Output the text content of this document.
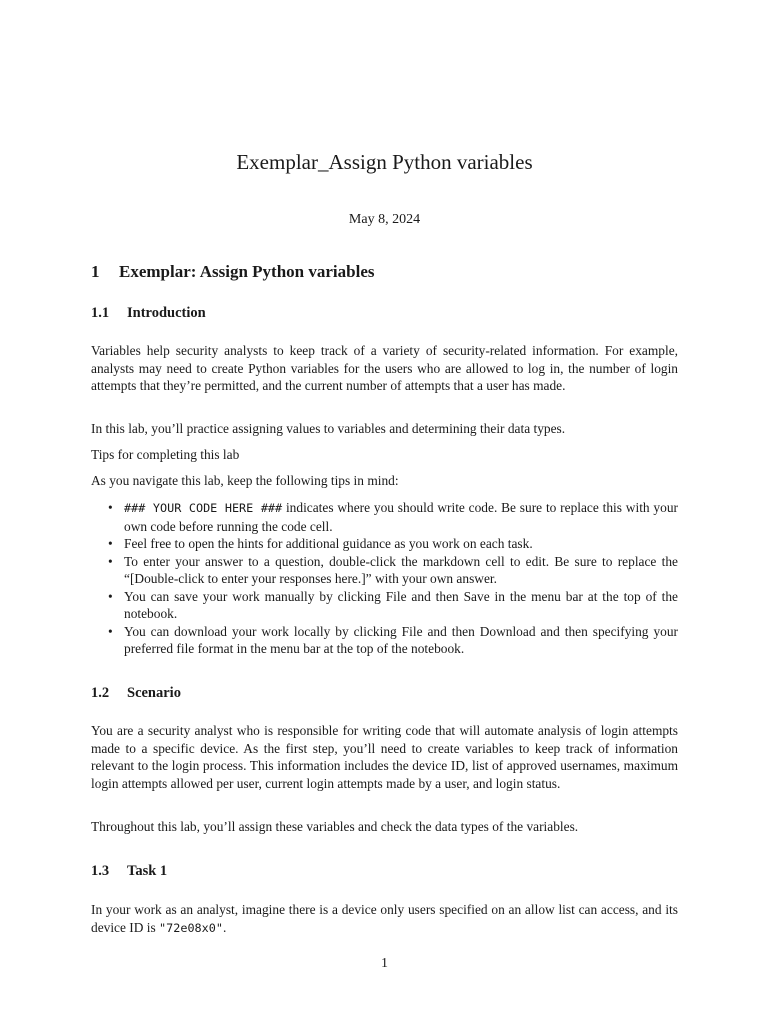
Exemplar_Assign Python variables
May 8, 2024
1 Exemplar: Assign Python variables
1.1 Introduction
Variables help security analysts to keep track of a variety of security-related information. For example, analysts may need to create Python variables for the users who are allowed to log in, the number of login attempts that they’re permitted, and the current number of attempts that a user has made.
In this lab, you’ll practice assigning values to variables and determining their data types.
Tips for completing this lab
As you navigate this lab, keep the following tips in mind:
• ### YOUR CODE HERE ### indicates where you should write code. Be sure to replace this with your own code before running the code cell.
• Feel free to open the hints for additional guidance as you work on each task.
• To enter your answer to a question, double-click the markdown cell to edit. Be sure to replace the “[Double-click to enter your responses here.]” with your own answer.
• You can save your work manually by clicking File and then Save in the menu bar at the top of the notebook.
• You can download your work locally by clicking File and then Download and then specifying your preferred file format in the menu bar at the top of the notebook.
1.2 Scenario
You are a security analyst who is responsible for writing code that will automate analysis of login attempts made to a specific device. As the first step, you’ll need to create variables to keep track of information relevant to the login process. This information includes the device ID, list of approved usernames, maximum login attempts allowed per user, current login attempts made by a user, and login status.
Throughout this lab, you’ll assign these variables and check the data types of the variables.
1.3 Task 1
In your work as an analyst, imagine there is a device only users specified on an allow list can access, and its device ID is "72e08x0".
1
